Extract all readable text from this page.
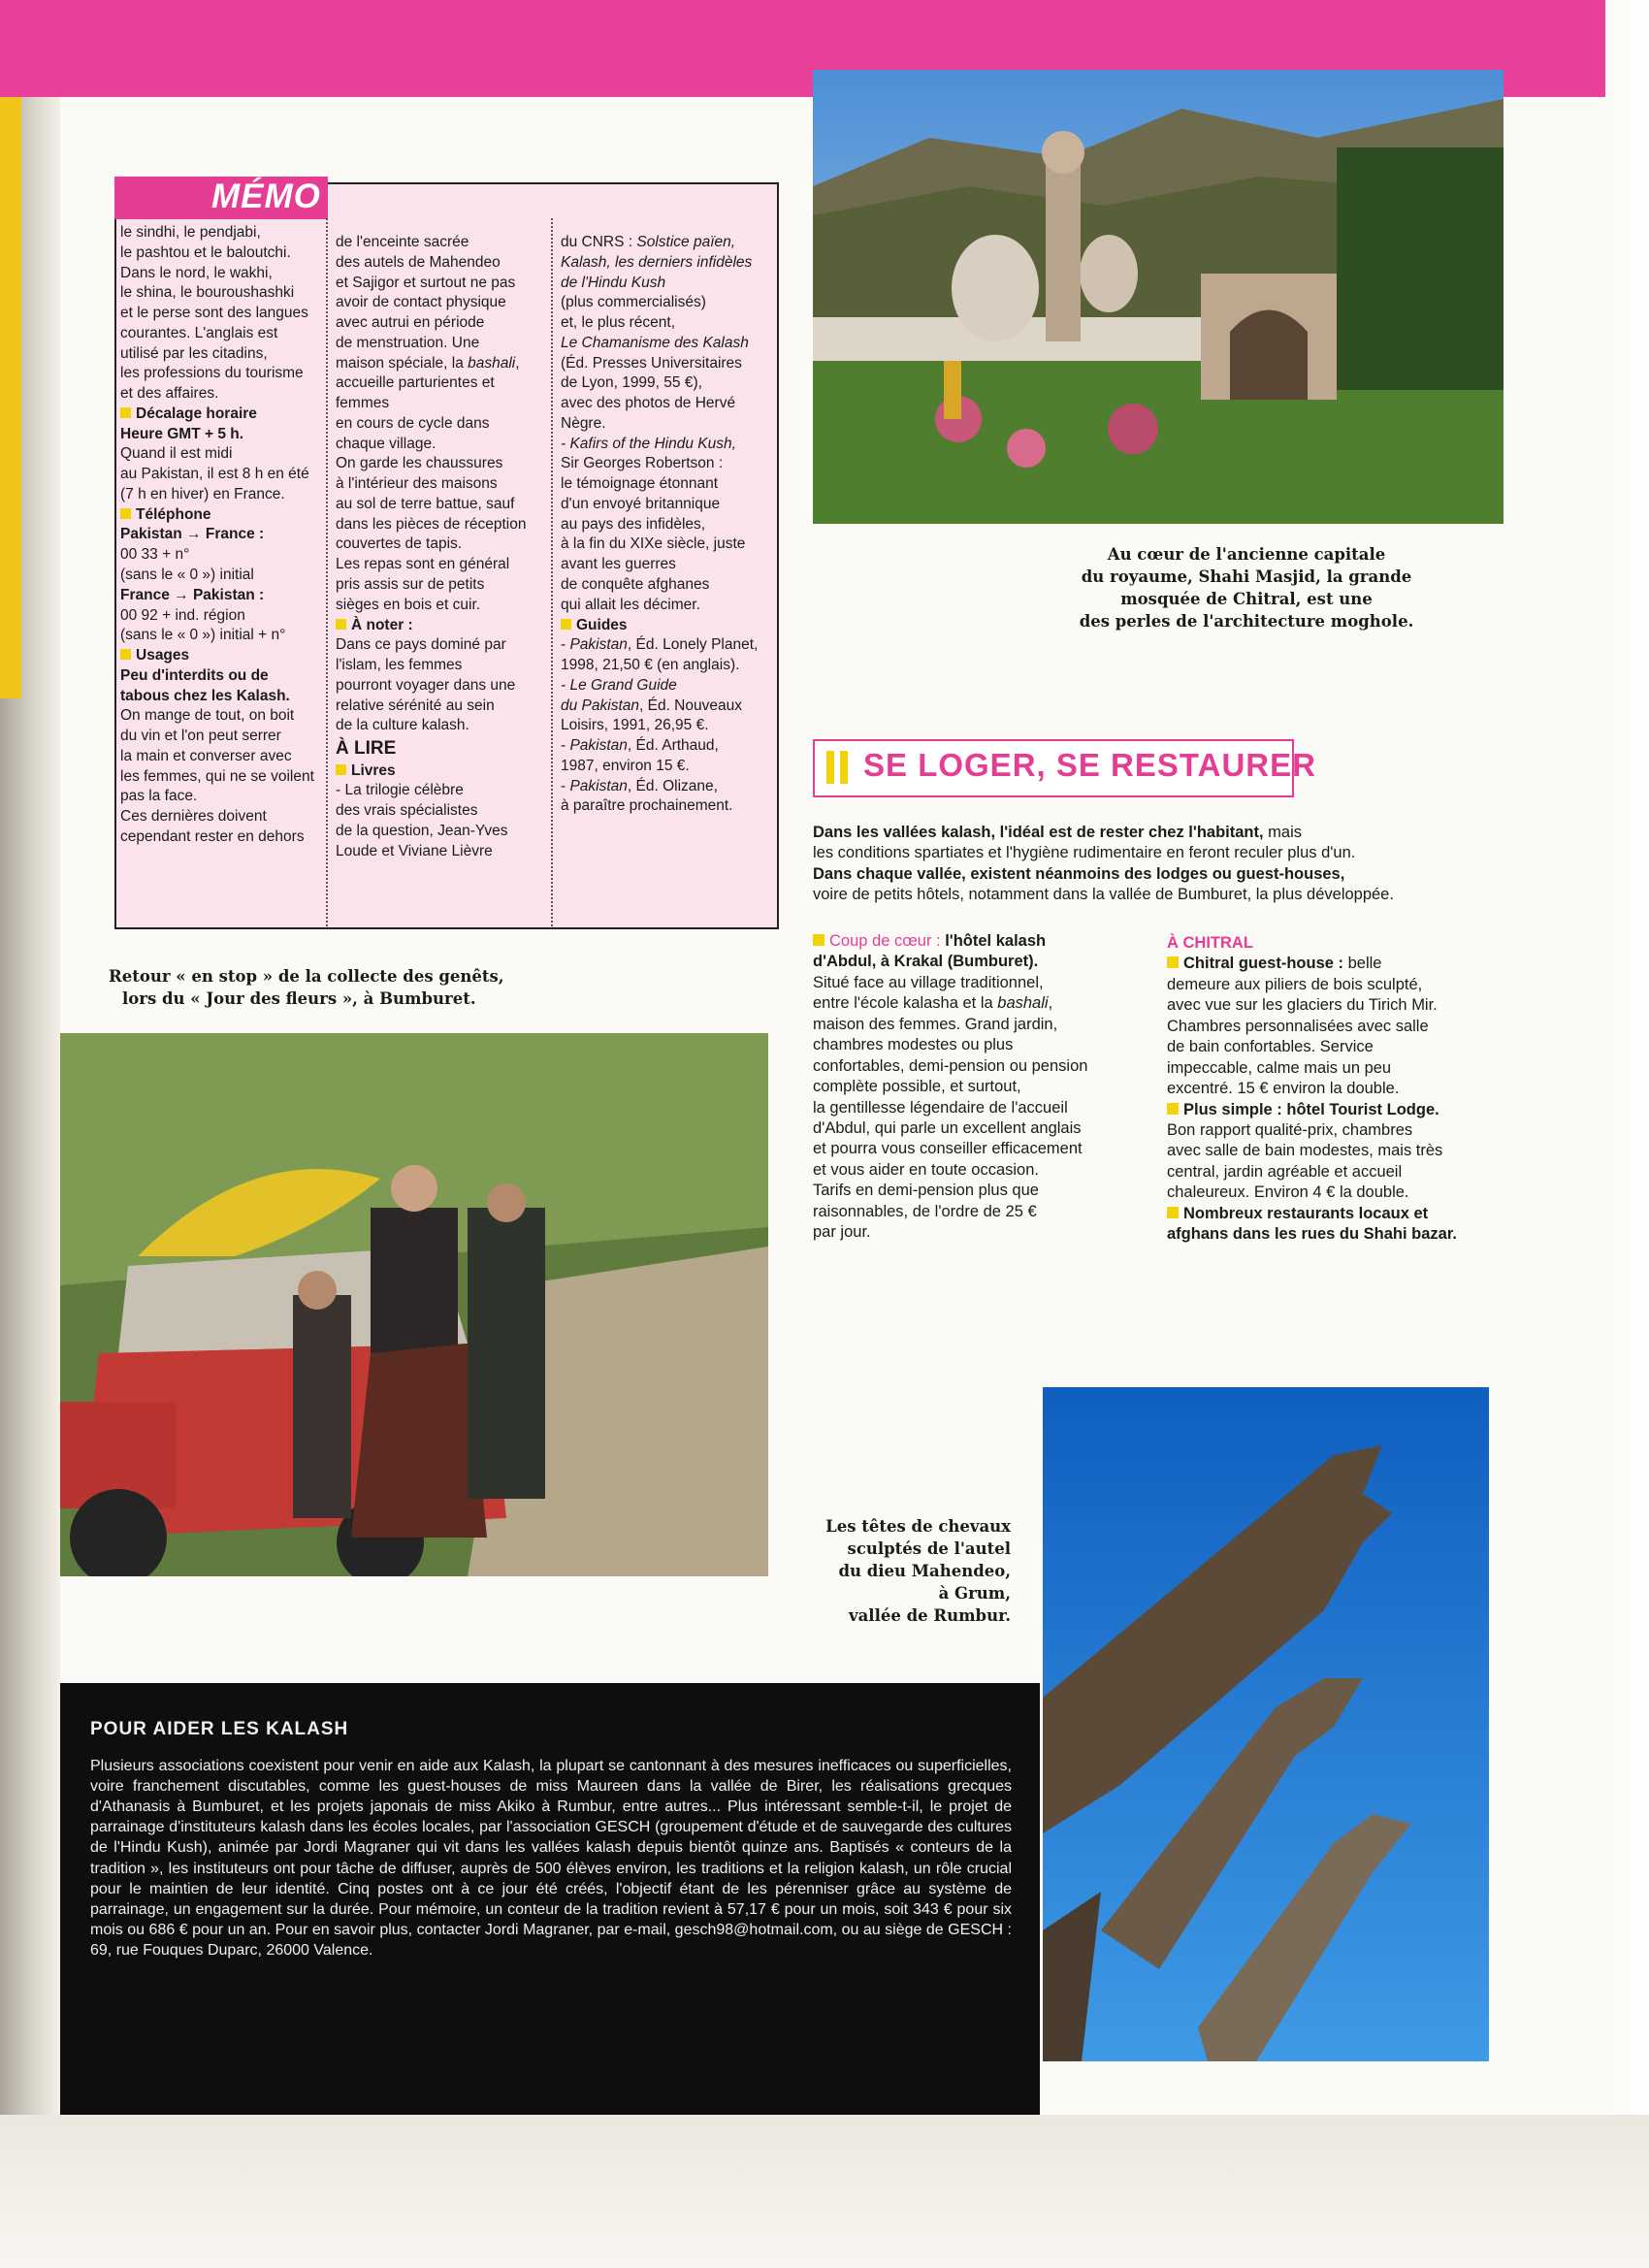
MÉMO

le sindhi, le pendjabi,

le pashtou et le baloutchi.

Dans le nord, le wakhi,

le shina, le bouroushashki

et le perse sont des langues

courantes. L'anglais est

utilisé par les citadins,

les professions du tourisme

et des affaires.

Décalage horaire

Heure GMT + 5 h.

Quand il est midi

au Pakistan, il est 8 h en été

(7 h en hiver) en France.

Téléphone

Pakistan → France :

00 33 + n°

(sans le « 0 ») initial

France → Pakistan :

00 92 + ind. région

(sans le « 0 ») initial + n°

Usages

Peu d'interdits ou de

tabous chez les Kalash.

On mange de tout, on boit

du vin et l'on peut serrer

la main et converser avec

les femmes, qui ne se voilent

pas la face.

Ces dernières doivent

cependant rester en dehors

de l'enceinte sacrée

des autels de Mahendeo

et Sajigor et surtout ne pas

avoir de contact physique

avec autrui en période

de menstruation. Une

maison spéciale, la bashali,

accueille parturientes et

femmes

en cours de cycle dans

chaque village.

On garde les chaussures

à l'intérieur des maisons

au sol de terre battue, sauf

dans les pièces de réception

couvertes de tapis.

Les repas sont en général

pris assis sur de petits

sièges en bois et cuir.

À noter :

Dans ce pays dominé par

l'islam, les femmes

pourront voyager dans une

relative sérénité au sein

de la culture kalash.

À LIRE

Livres

- La trilogie célèbre

des vrais spécialistes

de la question, Jean-Yves

Loude et Viviane Lièvre

du CNRS : Solstice païen,

Kalash, les derniers infidèles

de l'Hindu Kush

(plus commercialisés)

et, le plus récent,

Le Chamanisme des Kalash

(Éd. Presses Universitaires

de Lyon, 1999, 55 €),

avec des photos de Hervé

Nègre.

- Kafirs of the Hindu Kush,

Sir Georges Robertson :

le témoignage étonnant

d'un envoyé britannique

au pays des infidèles,

à la fin du XIXe siècle, juste

avant les guerres

de conquête afghanes

qui allait les décimer.

Guides

- Pakistan, Éd. Lonely Planet,

1998, 21,50 € (en anglais).

- Le Grand Guide

du Pakistan, Éd. Nouveaux

Loisirs, 1991, 26,95 €.

- Pakistan, Éd. Arthaud,

1987, environ 15 €.

- Pakistan, Éd. Olizane,

à paraître prochainement.

Au cœur de l'ancienne capitale

du royaume, Shahi Masjid, la grande

mosquée de Chitral, est une

des perles de l'architecture moghole.

SE LOGER, SE RESTAURER

Dans les vallées kalash, l'idéal est de rester chez l'habitant, mais

les conditions spartiates et l'hygiène rudimentaire en feront reculer plus d'un.

Dans chaque vallée, existent néanmoins des lodges ou guest-houses,

voire de petits hôtels, notamment dans la vallée de Bumburet, la plus développée.

Coup de cœur : l'hôtel kalash

d'Abdul, à Krakal (Bumburet).

Situé face au village traditionnel,

entre l'école kalasha et la bashali,

maison des femmes. Grand jardin,

chambres modestes ou plus

confortables, demi-pension ou pension

complète possible, et surtout,

la gentillesse légendaire de l'accueil

d'Abdul, qui parle un excellent anglais

et pourra vous conseiller efficacement

et vous aider en toute occasion.

Tarifs en demi-pension plus que

raisonnables, de l'ordre de 25 €

par jour.

À CHITRAL

Chitral guest-house : belle

demeure aux piliers de bois sculpté,

avec vue sur les glaciers du Tirich Mir.

Chambres personnalisées avec salle

de bain confortables. Service

impeccable, calme mais un peu

excentré. 15 € environ la double.

Plus simple : hôtel Tourist Lodge.

Bon rapport qualité-prix, chambres

avec salle de bain modestes, mais très

central, jardin agréable et accueil

chaleureux. Environ 4 € la double.

Nombreux restaurants locaux et

afghans dans les rues du Shahi bazar.

Retour « en stop » de la collecte des genêts,

lors du « Jour des fleurs », à Bumburet.

Les têtes de chevaux

sculptés de l'autel

du dieu Mahendeo,

à Grum,

vallée de Rumbur.

POUR AIDER LES KALASH
Plusieurs associations coexistent pour venir en aide aux Kalash, la plupart se cantonnant à des mesures inefficaces ou superficielles, voire franchement discutables, comme les guest-houses de miss Maureen dans la vallée de Birer, les réalisations grecques d'Athanasis à Bumburet, et les projets japonais de miss Akiko à Rumbur, entre autres... Plus intéressant semble-t-il, le projet de parrainage d'instituteurs kalash dans les écoles locales, par l'association GESCH (groupement d'étude et de sauvegarde des cultures de l'Hindu Kush), animée par Jordi Magraner qui vit dans les vallées kalash depuis bientôt quinze ans. Baptisés « conteurs de la tradition », les instituteurs ont pour tâche de diffuser, auprès de 500 élèves environ, les traditions et la religion kalash, un rôle crucial pour le maintien de leur identité. Cinq postes ont à ce jour été créés, l'objectif étant de les pérenniser grâce au système de parrainage, un engagement sur la durée. Pour mémoire, un conteur de la tradition revient à 57,17 € pour un mois, soit 343 € pour six mois ou 686 € pour un an. Pour en savoir plus, contacter Jordi Magraner, par e-mail, gesch98@hotmail.com, ou au siège de GESCH : 69, rue Fouques Duparc, 26000 Valence.
